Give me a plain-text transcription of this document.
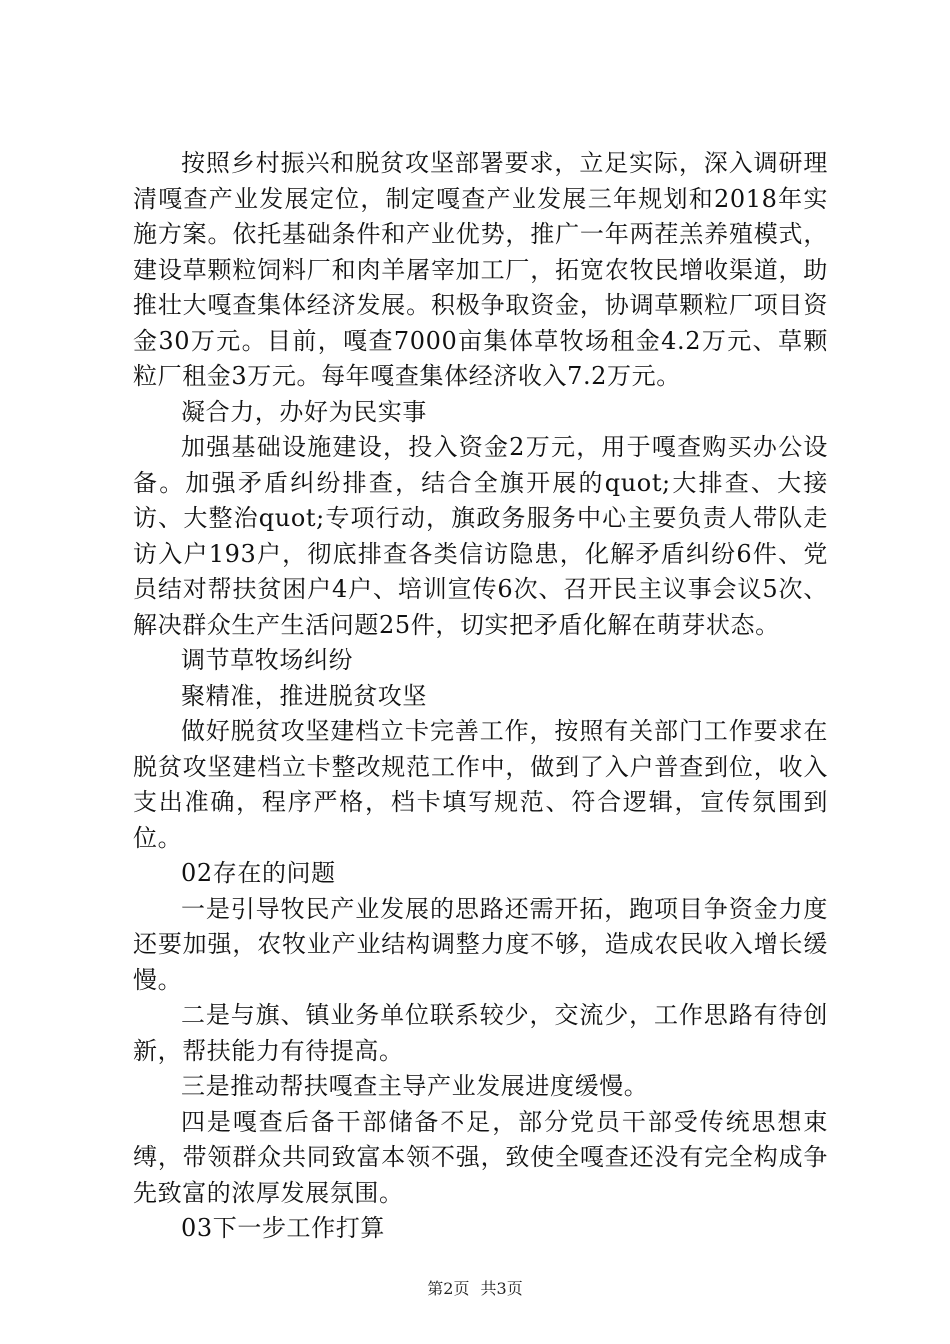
按照乡村振兴和脱贫攻坚部署要求，立足实际，深入调研理清嘎查产业发展定位，制定嘎查产业发展三年规划和2018年实施方案。依托基础条件和产业优势，推广一年两茬羔养殖模式，建设草颗粒饲料厂和肉羊屠宰加工厂，拓宽农牧民增收渠道，助推壮大嘎查集体经济发展。积极争取资金，协调草颗粒厂项目资金30万元。目前，嘎查7000亩集体草牧场租金4.2万元、草颗粒厂租金3万元。每年嘎查集体经济收入7.2万元。

凝合力，办好为民实事

加强基础设施建设，投入资金2万元，用于嘎查购买办公设备。加强矛盾纠纷排查，结合全旗开展的quot;大排查、大接访、大整治quot;专项行动，旗政务服务中心主要负责人带队走访入户193户，彻底排查各类信访隐患，化解矛盾纠纷6件、党员结对帮扶贫困户4户、培训宣传6次、召开民主议事会议5次、解决群众生产生活问题25件，切实把矛盾化解在萌芽状态。

调节草牧场纠纷

聚精准，推进脱贫攻坚

做好脱贫攻坚建档立卡完善工作，按照有关部门工作要求在脱贫攻坚建档立卡整改规范工作中，做到了入户普查到位，收入支出准确，程序严格，档卡填写规范、符合逻辑，宣传氛围到位。

02存在的问题

一是引导牧民产业发展的思路还需开拓，跑项目争资金力度还要加强，农牧业产业结构调整力度不够，造成农民收入增长缓慢。

二是与旗、镇业务单位联系较少，交流少，工作思路有待创新，帮扶能力有待提高。

三是推动帮扶嘎查主导产业发展进度缓慢。

四是嘎查后备干部储备不足，部分党员干部受传统思想束缚，带领群众共同致富本领不强，致使全嘎查还没有完全构成争先致富的浓厚发展氛围。

03下一步工作打算

第2页 共3页
